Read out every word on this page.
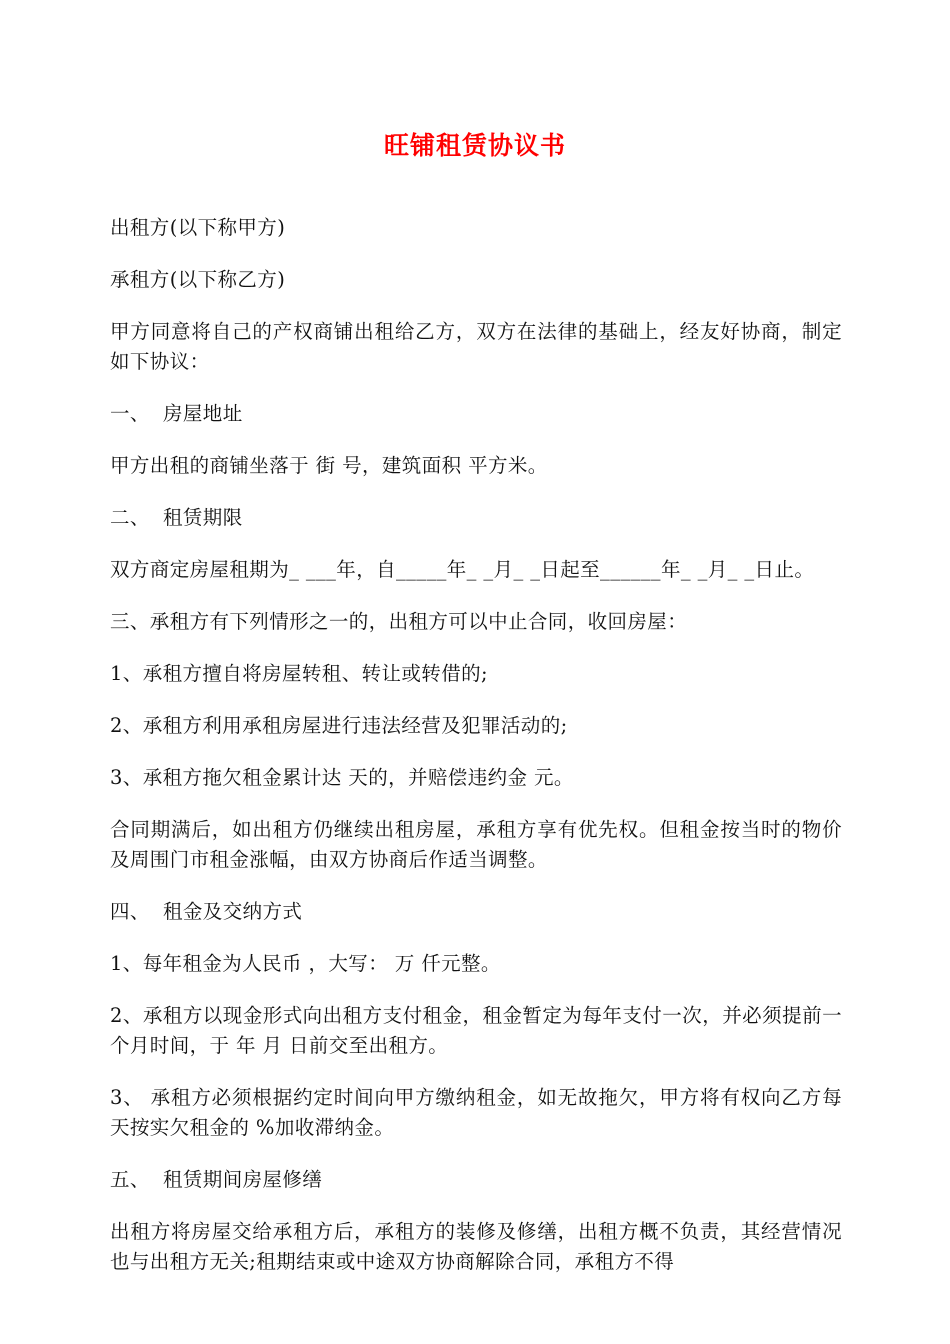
旺铺租赁协议书

出租方(以下称甲方)

承租方(以下称乙方)

甲方同意将自己的产权商铺出租给乙方，双方在法律的基础上，经友好协商，制定如下协议：

一、  房屋地址

甲方出租的商铺坐落于 街 号，建筑面积 平方米。

二、  租赁期限

双方商定房屋租期为_ ___年，自_____年_ _月_ _日起至______年_ _月_ _日止。

三、承租方有下列情形之一的，出租方可以中止合同，收回房屋：

1、承租方擅自将房屋转租、转让或转借的;

2、承租方利用承租房屋进行违法经营及犯罪活动的;

3、承租方拖欠租金累计达 天的，并赔偿违约金 元。

合同期满后，如出租方仍继续出租房屋，承租方享有优先权。但租金按当时的物价及周围门市租金涨幅，由双方协商后作适当调整。

四、  租金及交纳方式

1、每年租金为人民币 ，大写： 万 仟元整。

2、承租方以现金形式向出租方支付租金，租金暂定为每年支付一次，并必须提前一个月时间，于 年 月 日前交至出租方。

3、 承租方必须根据约定时间向甲方缴纳租金，如无故拖欠，甲方将有权向乙方每天按实欠租金的 %加收滞纳金。

五、  租赁期间房屋修缮

出租方将房屋交给承租方后，承租方的装修及修缮，出租方概不负责，其经营情况也与出租方无关;租期结束或中途双方协商解除合同，承租方不得
